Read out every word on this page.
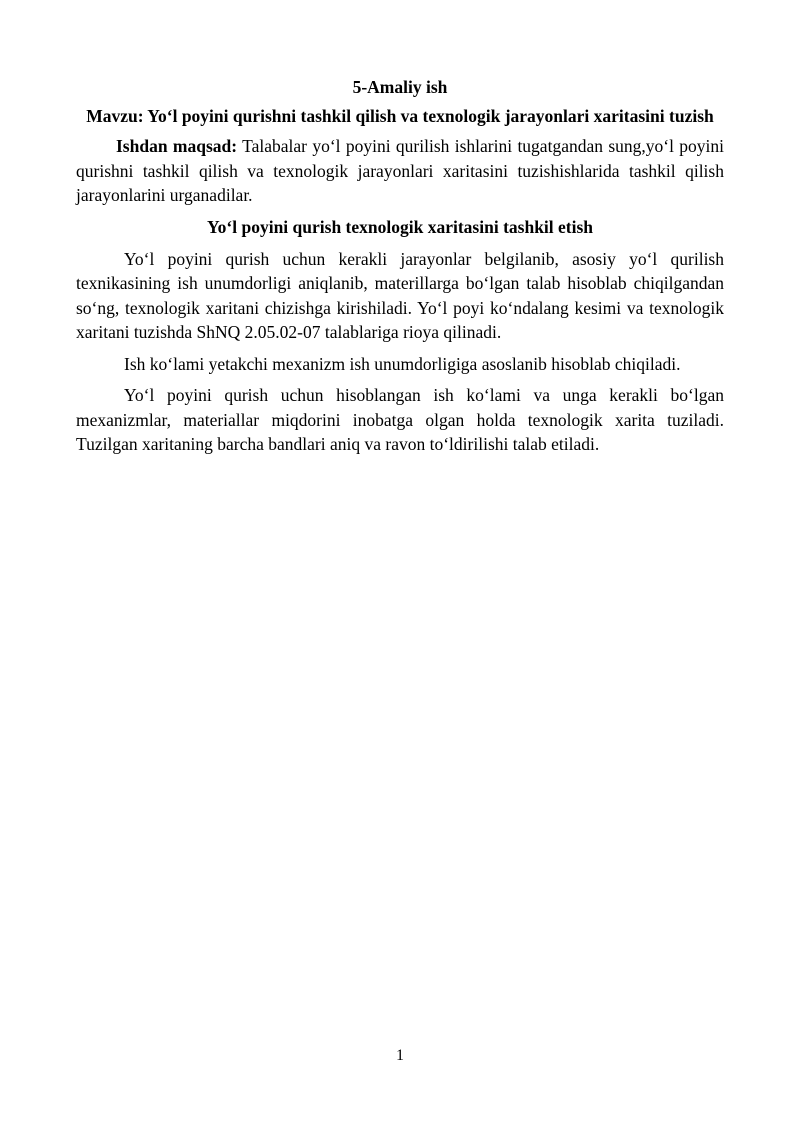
5-Amaliy ish
Mavzu: Yo‘l poyini qurishni tashkil qilish va texnologik jarayonlari xaritasini tuzish

Ishdan maqsad: Talabalar yo‘l poyini qurilish ishlarini tugatgandan sung,yo‘l poyini qurishni tashkil qilish va texnologik jarayonlari xaritasini tuzishishlarida tashkil qilish jarayonlarini urganadilar.

Yo‘l poyini qurish texnologik xaritasini tashkil etish

Yo‘l poyini qurish uchun kerakli jarayonlar belgilanib, asosiy yo‘l qurilish texnikasining ish unumdorligi aniqlanib, materillarga bo‘lgan talab hisoblab chiqilgandan so‘ng, texnologik xaritani chizishga kirishiladi. Yo‘l poyi ko‘ndalang kesimi va texnologik xaritani tuzishda ShNQ 2.05.02-07 talablariga rioya qilinadi.

Ish ko‘lami yetakchi mexanizm ish unumdorligiga asoslanib hisoblab chiqiladi.

Yo‘l poyini qurish uchun hisoblangan ish ko‘lami va unga kerakli bo‘lgan mexanizmlar, materiallar miqdorini inobatga olgan holda texnologik xarita tuziladi. Tuzilgan xaritaning barcha bandlari aniq va ravon to‘ldirilishi talab etiladi.

1
